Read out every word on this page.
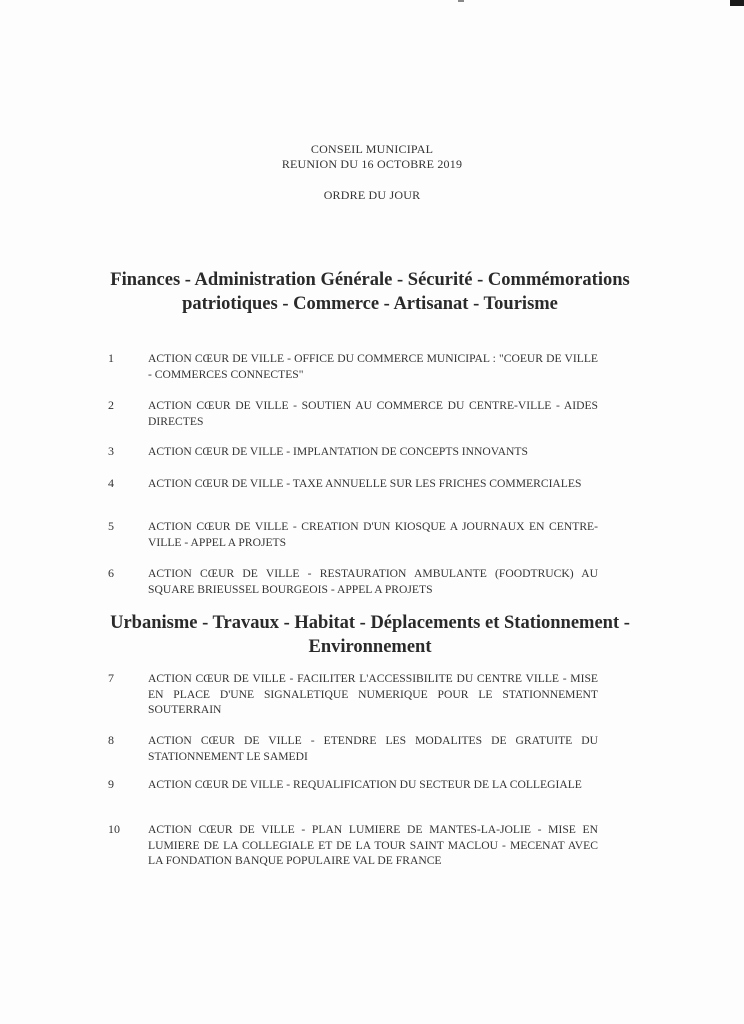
CONSEIL MUNICIPAL
REUNION DU 16 OCTOBRE 2019
ORDRE DU JOUR
Finances - Administration Générale - Sécurité - Commémorations patriotiques - Commerce - Artisanat - Tourisme
1	ACTION CŒUR DE VILLE - OFFICE DU COMMERCE MUNICIPAL : "COEUR DE VILLE - COMMERCES CONNECTES"
2	ACTION CŒUR DE VILLE - SOUTIEN AU COMMERCE DU CENTRE-VILLE - AIDES DIRECTES
3	ACTION CŒUR DE VILLE - IMPLANTATION DE CONCEPTS INNOVANTS
4	ACTION CŒUR DE VILLE - TAXE ANNUELLE SUR LES FRICHES COMMERCIALES
5	ACTION CŒUR DE VILLE - CREATION D'UN KIOSQUE A JOURNAUX EN CENTRE-VILLE - APPEL A PROJETS
6	ACTION CŒUR DE VILLE - RESTAURATION AMBULANTE (FOODTRUCK) AU SQUARE BRIEUSSEL BOURGEOIS - APPEL A PROJETS
Urbanisme - Travaux - Habitat - Déplacements et Stationnement - Environnement
7	ACTION CŒUR DE VILLE - FACILITER L'ACCESSIBILITE DU CENTRE VILLE - MISE EN PLACE D'UNE SIGNALETIQUE NUMERIQUE POUR LE STATIONNEMENT SOUTERRAIN
8	ACTION CŒUR DE VILLE - ETENDRE LES MODALITES DE GRATUITE DU STATIONNEMENT LE SAMEDI
9	ACTION CŒUR DE VILLE - REQUALIFICATION DU SECTEUR DE LA COLLEGIALE
10	ACTION CŒUR DE VILLE - PLAN LUMIERE DE MANTES-LA-JOLIE - MISE EN LUMIERE DE LA COLLEGIALE ET DE LA TOUR SAINT MACLOU - MECENAT AVEC LA FONDATION BANQUE POPULAIRE VAL DE FRANCE
